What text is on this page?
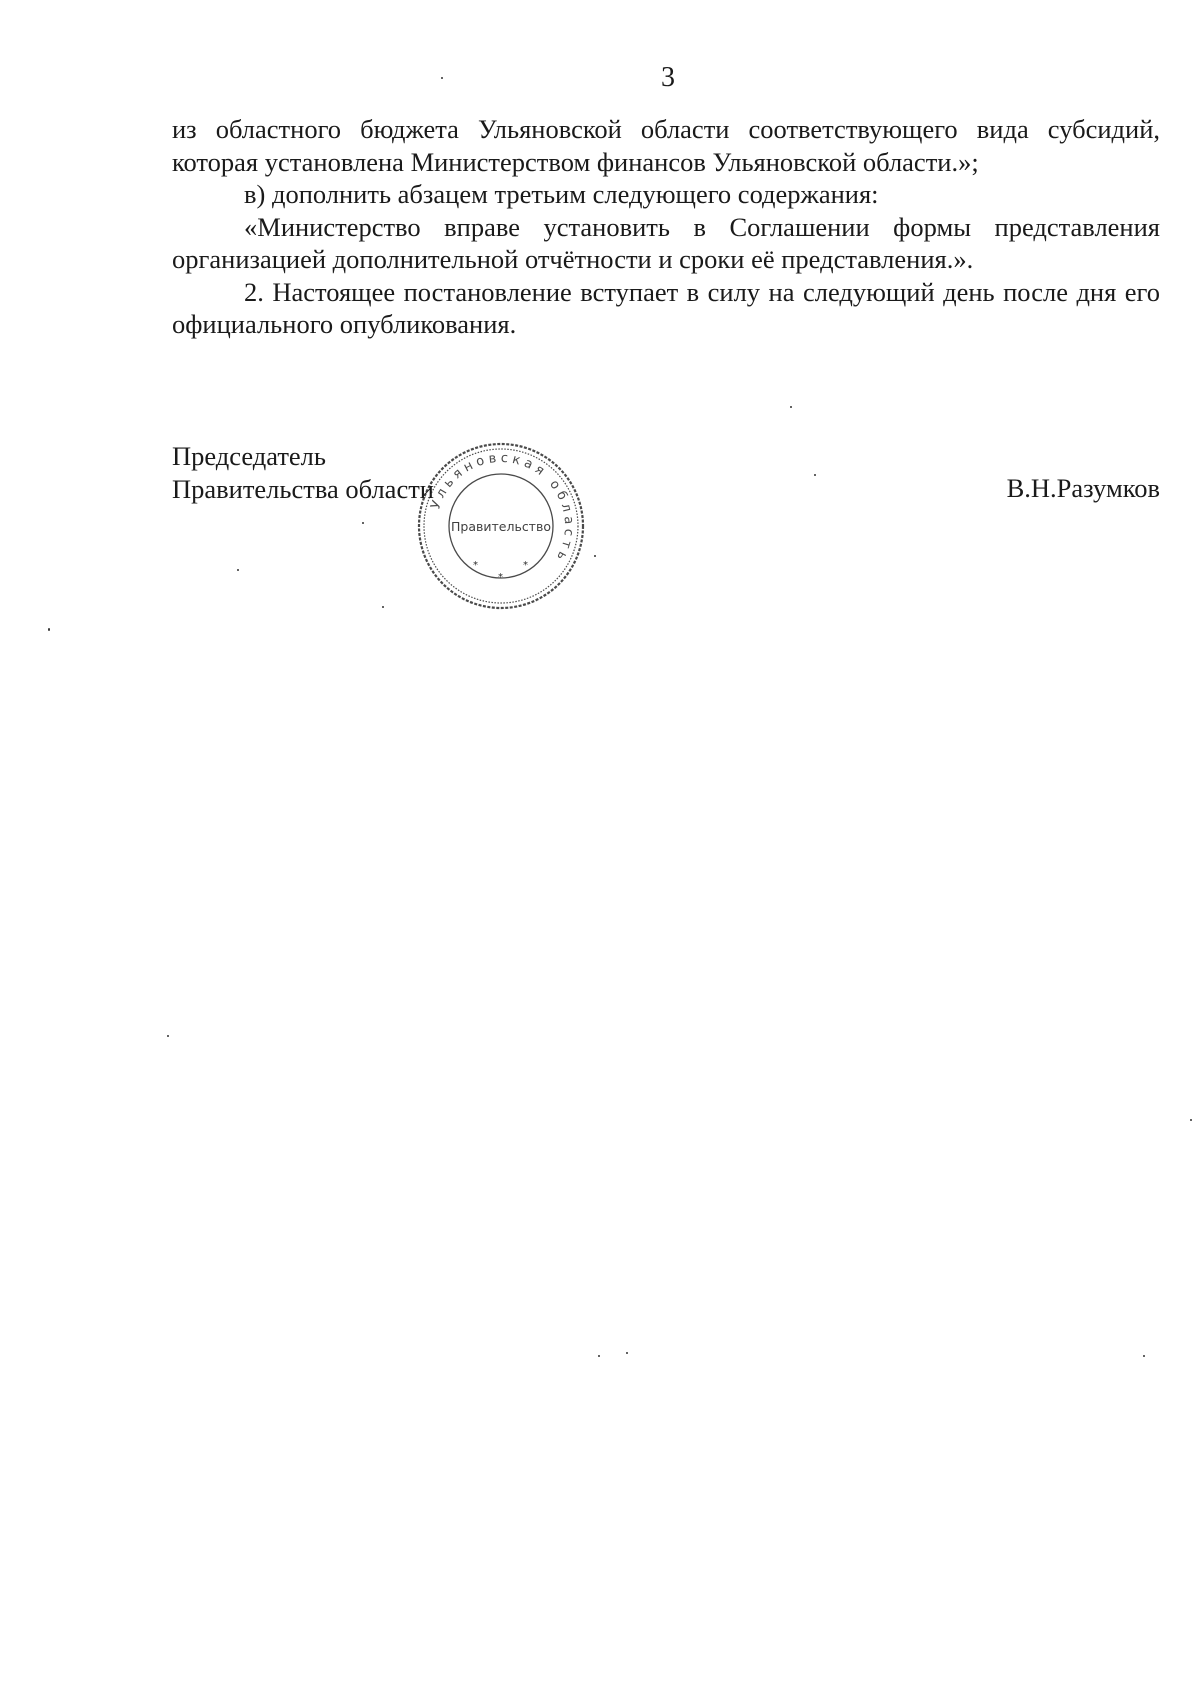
3

из областного бюджета Ульяновской области соответствующего вида субсидий, которая установлена Министерством финансов Ульяновской области.»;

в) дополнить абзацем третьим следующего содержания:

«Министерство вправе установить в Соглашении формы представления организацией дополнительной отчётности и сроки её представления.».

2. Настоящее постановление вступает в силу на следующий день после дня его официального опубликования.

Председатель
Правительства области	В.Н.Разумков
Ульяновская область
Правительство
*
*
*
